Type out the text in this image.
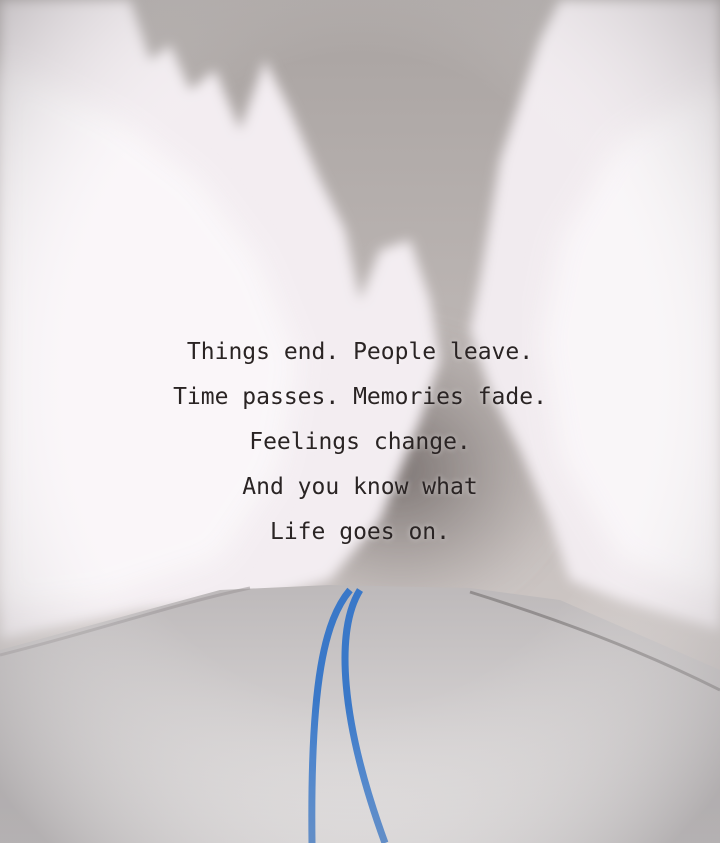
Things end. People leave.
Time passes. Memories fade.
Feelings change.
And you know what
Life goes on.
